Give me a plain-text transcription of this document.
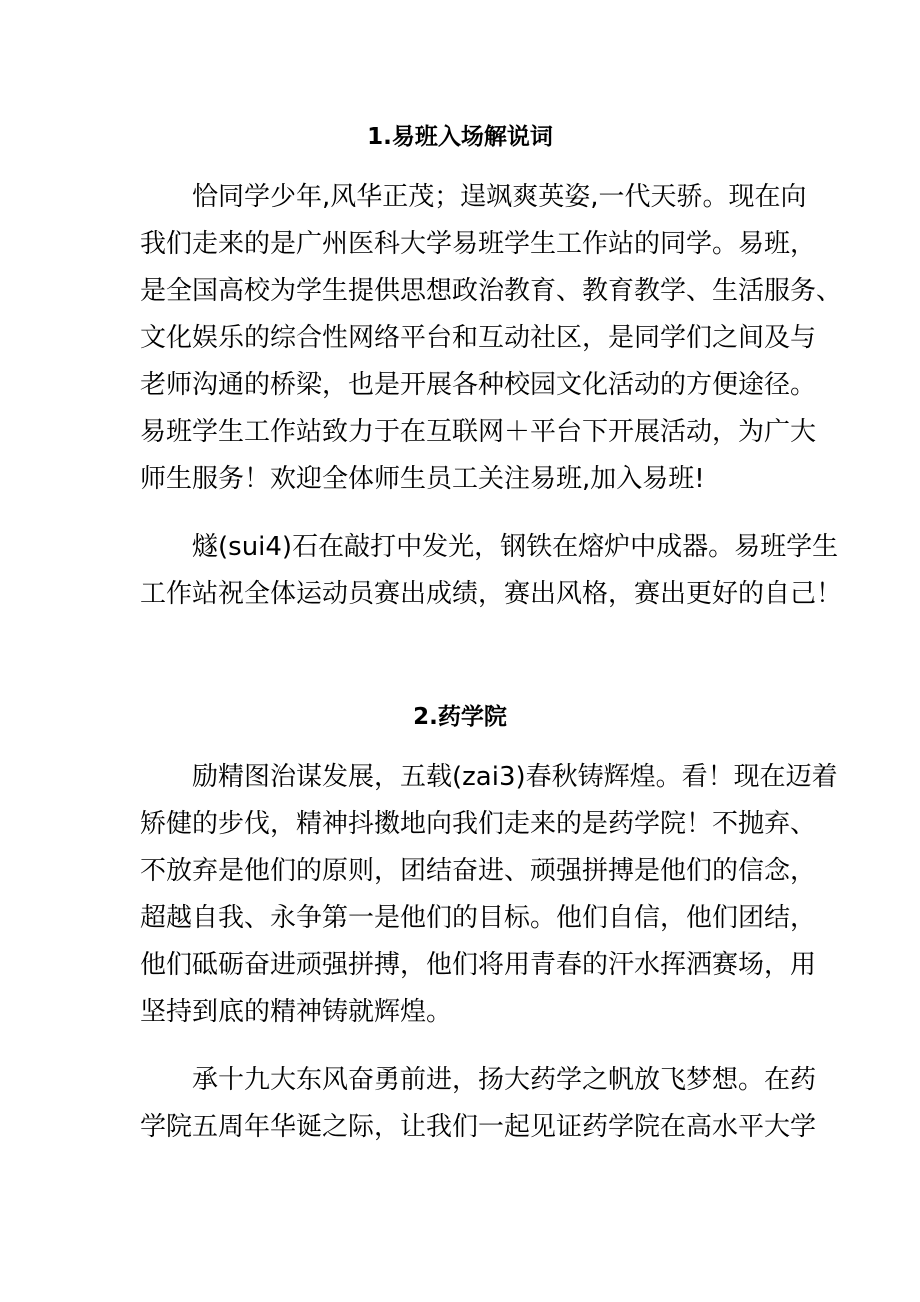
1.易班入场解说词

恰同学少年,风华正茂；逞飒爽英姿,一代天骄。现在向

我们走来的是广州医科大学易班学生工作站的同学。易班，

是全国高校为学生提供思想政治教育、教育教学、生活服务、

文化娱乐的综合性网络平台和互动社区，是同学们之间及与

老师沟通的桥梁，也是开展各种校园文化活动的方便途径。

易班学生工作站致力于在互联网＋平台下开展活动，为广大

师生服务！欢迎全体师生员工关注易班,加入易班!

燧(sui4)石在敲打中发光，钢铁在熔炉中成器。易班学生

工作站祝全体运动员赛出成绩，赛出风格，赛出更好的自己！

2.药学院

励精图治谋发展，五载(zai3)春秋铸辉煌。看！现在迈着

矫健的步伐，精神抖擞地向我们走来的是药学院！不抛弃、

不放弃是他们的原则，团结奋进、顽强拼搏是他们的信念，

超越自我、永争第一是他们的目标。他们自信，他们团结，

他们砥砺奋进顽强拼搏，他们将用青春的汗水挥洒赛场，用

坚持到底的精神铸就辉煌。

承十九大东风奋勇前进，扬大药学之帆放飞梦想。在药

学院五周年华诞之际，让我们一起见证药学院在高水平大学
